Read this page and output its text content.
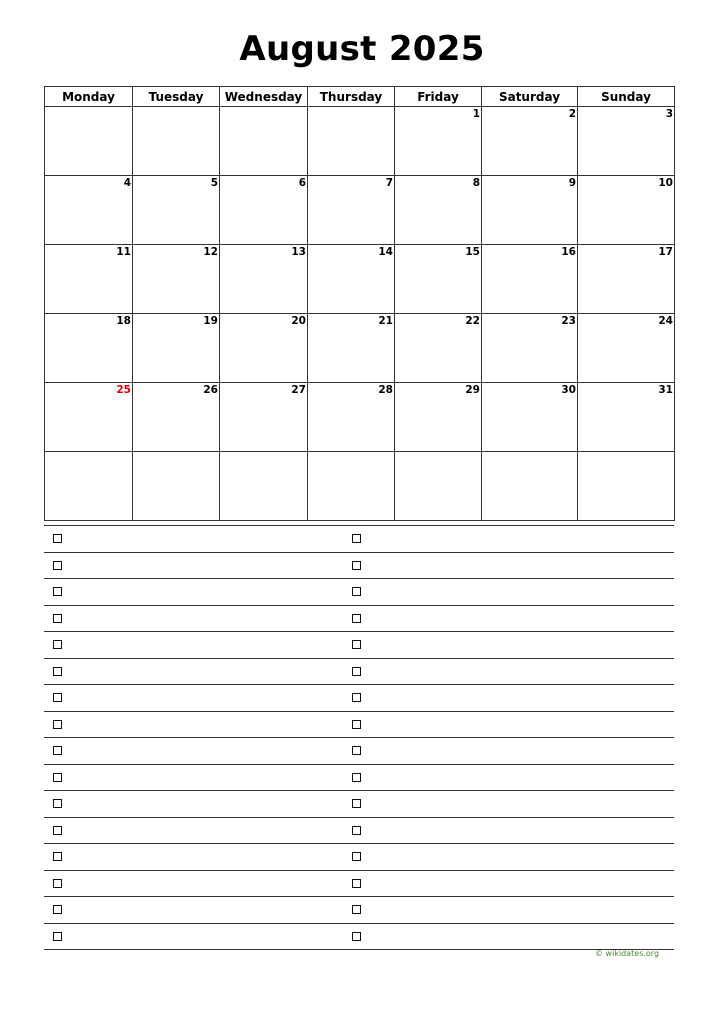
August 2025
Monday	Tuesday	Wednesday	Thursday	Friday	Saturday	Sunday
				1	2	3
4	5	6	7	8	9	10
11	12	13	14	15	16	17
18	19	20	21	22	23	24
25	26	27	28	29	30	31

© wikidates.org
